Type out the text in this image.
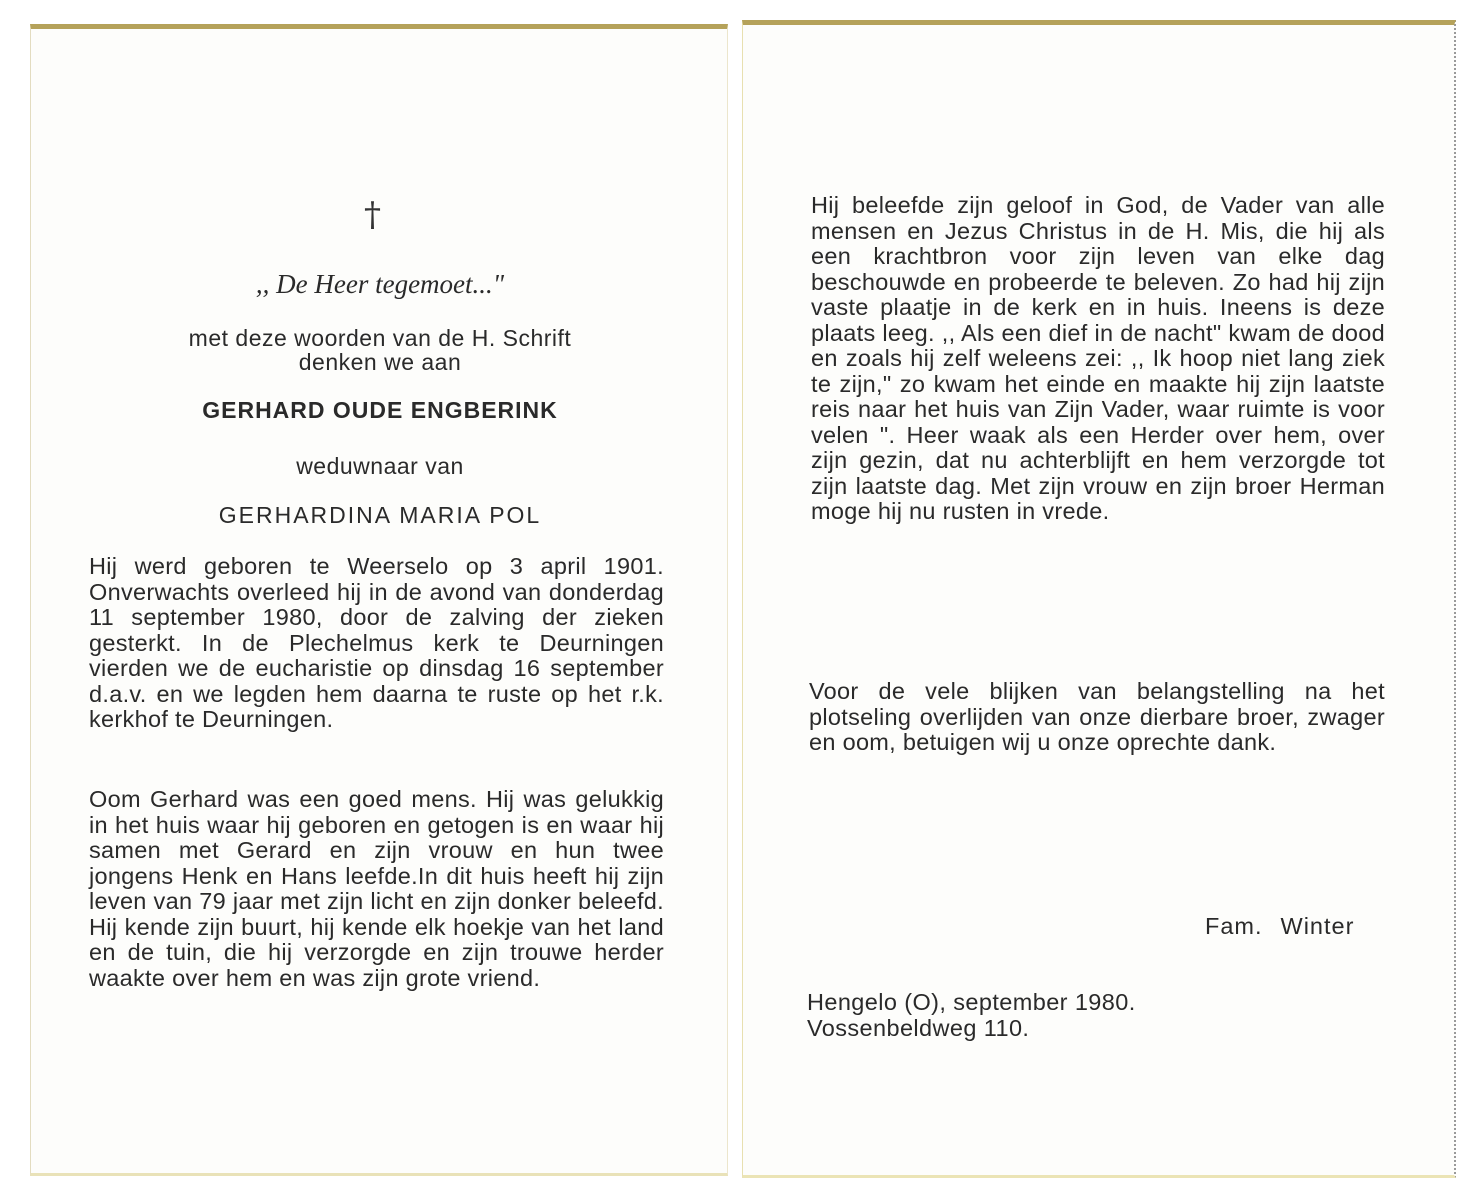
†
,, De Heer tegemoet..."
met deze woorden van de H. Schrift
denken we aan
GERHARD OUDE ENGBERINK
weduwnaar van
GERHARDINA MARIA POL

Hij werd geboren te Weerselo op 3 april 1901. Onverwachts overleed hij in de avond van donderdag 11 september 1980, door de zalving der zieken gesterkt. In de Plechelmus kerk te Deurningen vierden we de eucharistie op dinsdag 16 september d.a.v. en we legden hem daarna te ruste op het r.k. kerkhof te Deurningen.

Oom Gerhard was een goed mens. Hij was gelukkig in het huis waar hij geboren en getogen is en waar hij samen met Gerard en zijn vrouw en hun twee jongens Henk en Hans leefde.In dit huis heeft hij zijn leven van 79 jaar met zijn licht en zijn donker beleefd. Hij kende zijn buurt, hij kende elk hoekje van het land en de tuin, die hij verzorgde en zijn trouwe herder waakte over hem en was zijn grote vriend.

Hij beleefde zijn geloof in God, de Vader van alle mensen en Jezus Christus in de H. Mis, die hij als een krachtbron voor zijn leven van elke dag beschouwde en probeerde te beleven. Zo had hij zijn vaste plaatje in de kerk en in huis. Ineens is deze plaats leeg. ,, Als een dief in de nacht" kwam de dood en zoals hij zelf weleens zei: ,, Ik hoop niet lang ziek te zijn," zo kwam het einde en maakte hij zijn laatste reis naar het huis van Zijn Vader, waar ruimte is voor velen ". Heer waak als een Herder over hem, over zijn gezin, dat nu achterblijft en hem verzorgde tot zijn laatste dag. Met zijn vrouw en zijn broer Herman moge hij nu rusten in vrede.

Voor de vele blijken van belangstelling na het plotseling overlijden van onze dierbare broer, zwager en oom, betuigen wij u onze oprechte dank.

Fam. Winter
Hengelo (O), september 1980.
Vossenbeldweg 110.
